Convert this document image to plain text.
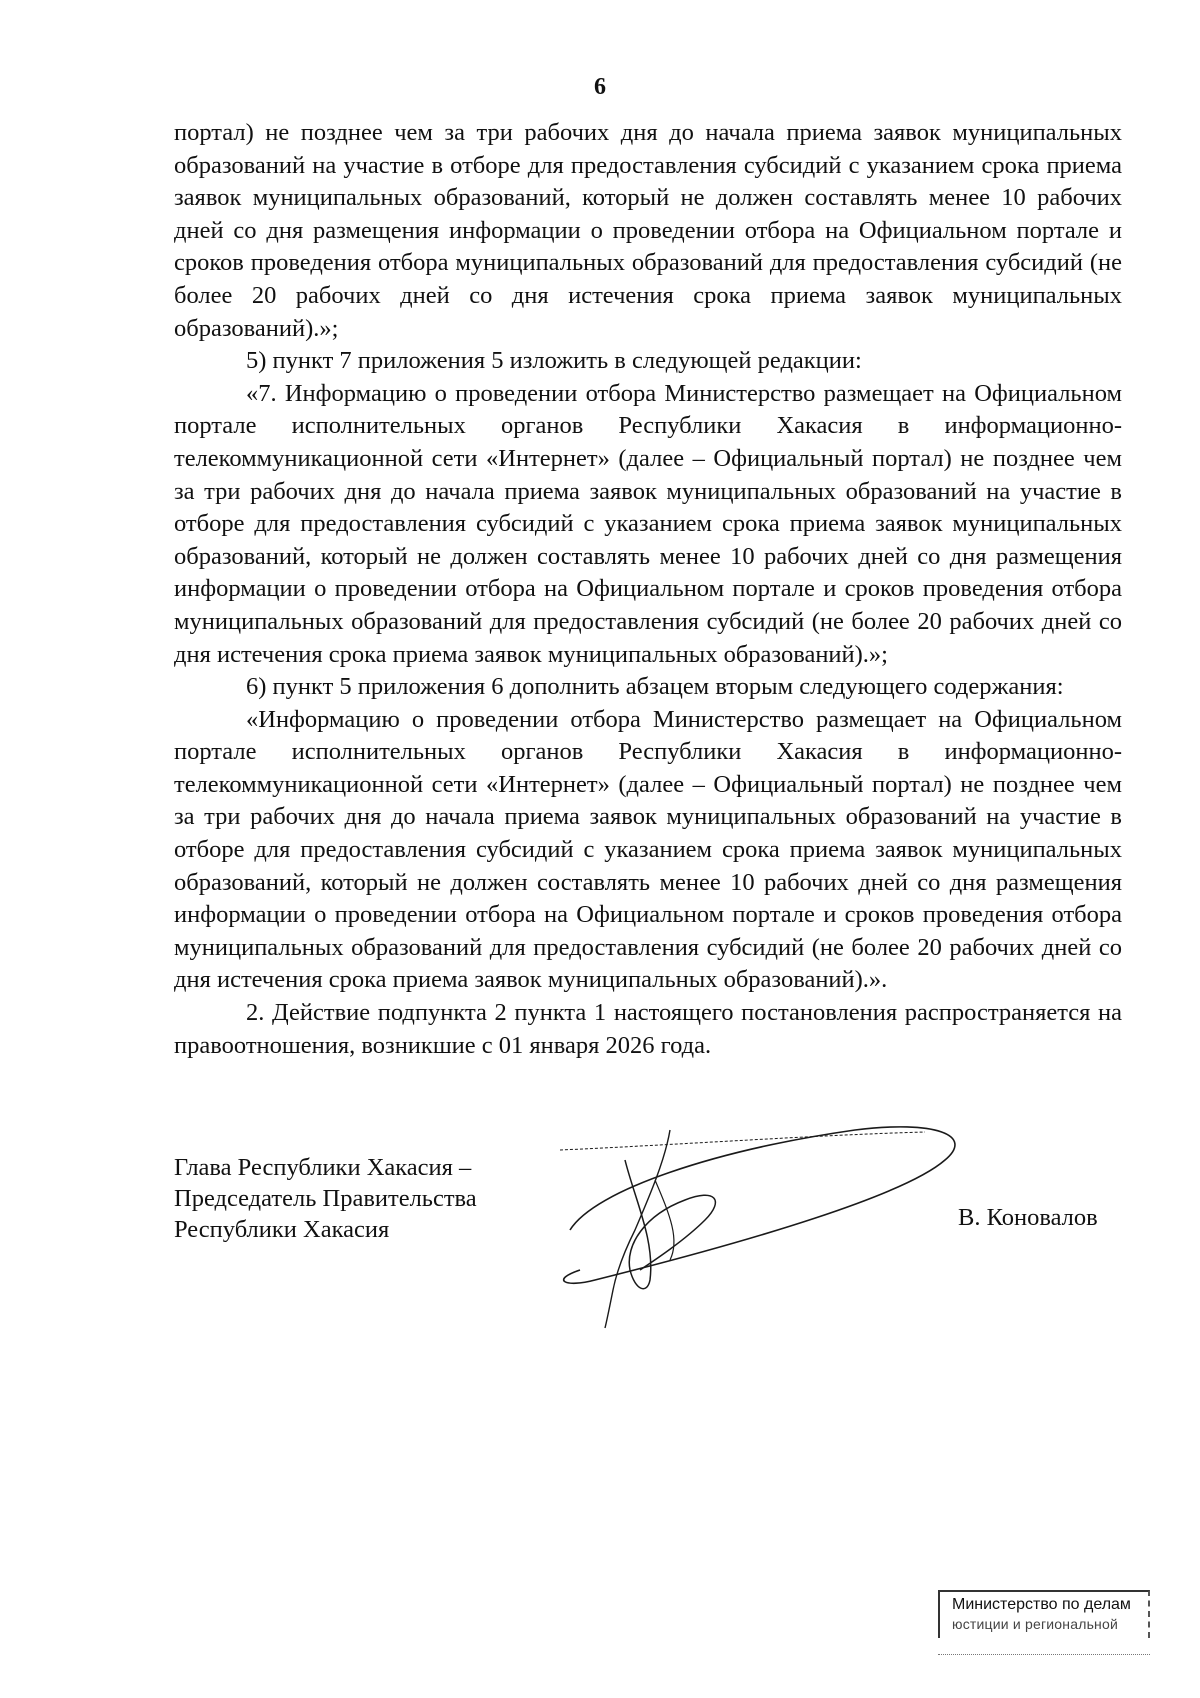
6

портал) не позднее чем за три рабочих дня до начала приема заявок муниципальных образований на участие в отборе для предоставления субсидий с указанием срока приема заявок муниципальных образований, который не должен составлять менее 10 рабочих дней со дня размещения информации о проведении отбора на Официальном портале и сроков проведения отбора муниципальных образований для предоставления субсидий (не более 20 рабочих дней со дня истечения срока приема заявок муниципальных образований).»;

5) пункт 7 приложения 5 изложить в следующей редакции:

«7. Информацию о проведении отбора Министерство размещает на Официальном портале исполнительных органов Республики Хакасия в информационно-телекоммуникационной сети «Интернет» (далее – Официальный портал) не позднее чем за три рабочих дня до начала приема заявок муниципальных образований на участие в отборе для предоставления субсидий с указанием срока приема заявок муниципальных образований, который не должен составлять менее 10 рабочих дней со дня размещения информации о проведении отбора на Официальном портале и сроков проведения отбора муниципальных образований для предоставления субсидий (не более 20 рабочих дней со дня истечения срока приема заявок муниципальных образований).»;

6) пункт 5 приложения 6 дополнить абзацем вторым следующего содержания:

«Информацию о проведении отбора Министерство размещает на Официальном портале исполнительных органов Республики Хакасия в информационно-телекоммуникационной сети «Интернет» (далее – Официальный портал) не позднее чем за три рабочих дня до начала приема заявок муниципальных образований на участие в отборе для предоставления субсидий с указанием срока приема заявок муниципальных образований, который не должен составлять менее 10 рабочих дней со дня размещения информации о проведении отбора на Официальном портале и сроков проведения отбора муниципальных образований для предоставления субсидий (не более 20 рабочих дней со дня истечения срока приема заявок муниципальных образований).».

2. Действие подпункта 2 пункта 1 настоящего постановления распространяется на правоотношения, возникшие с 01 января 2026 года.

Глава Республики Хакасия –
Председатель Правительства
Республики Хакасия	В. Коновалов
Министерство по делам
юстиции и региональной
